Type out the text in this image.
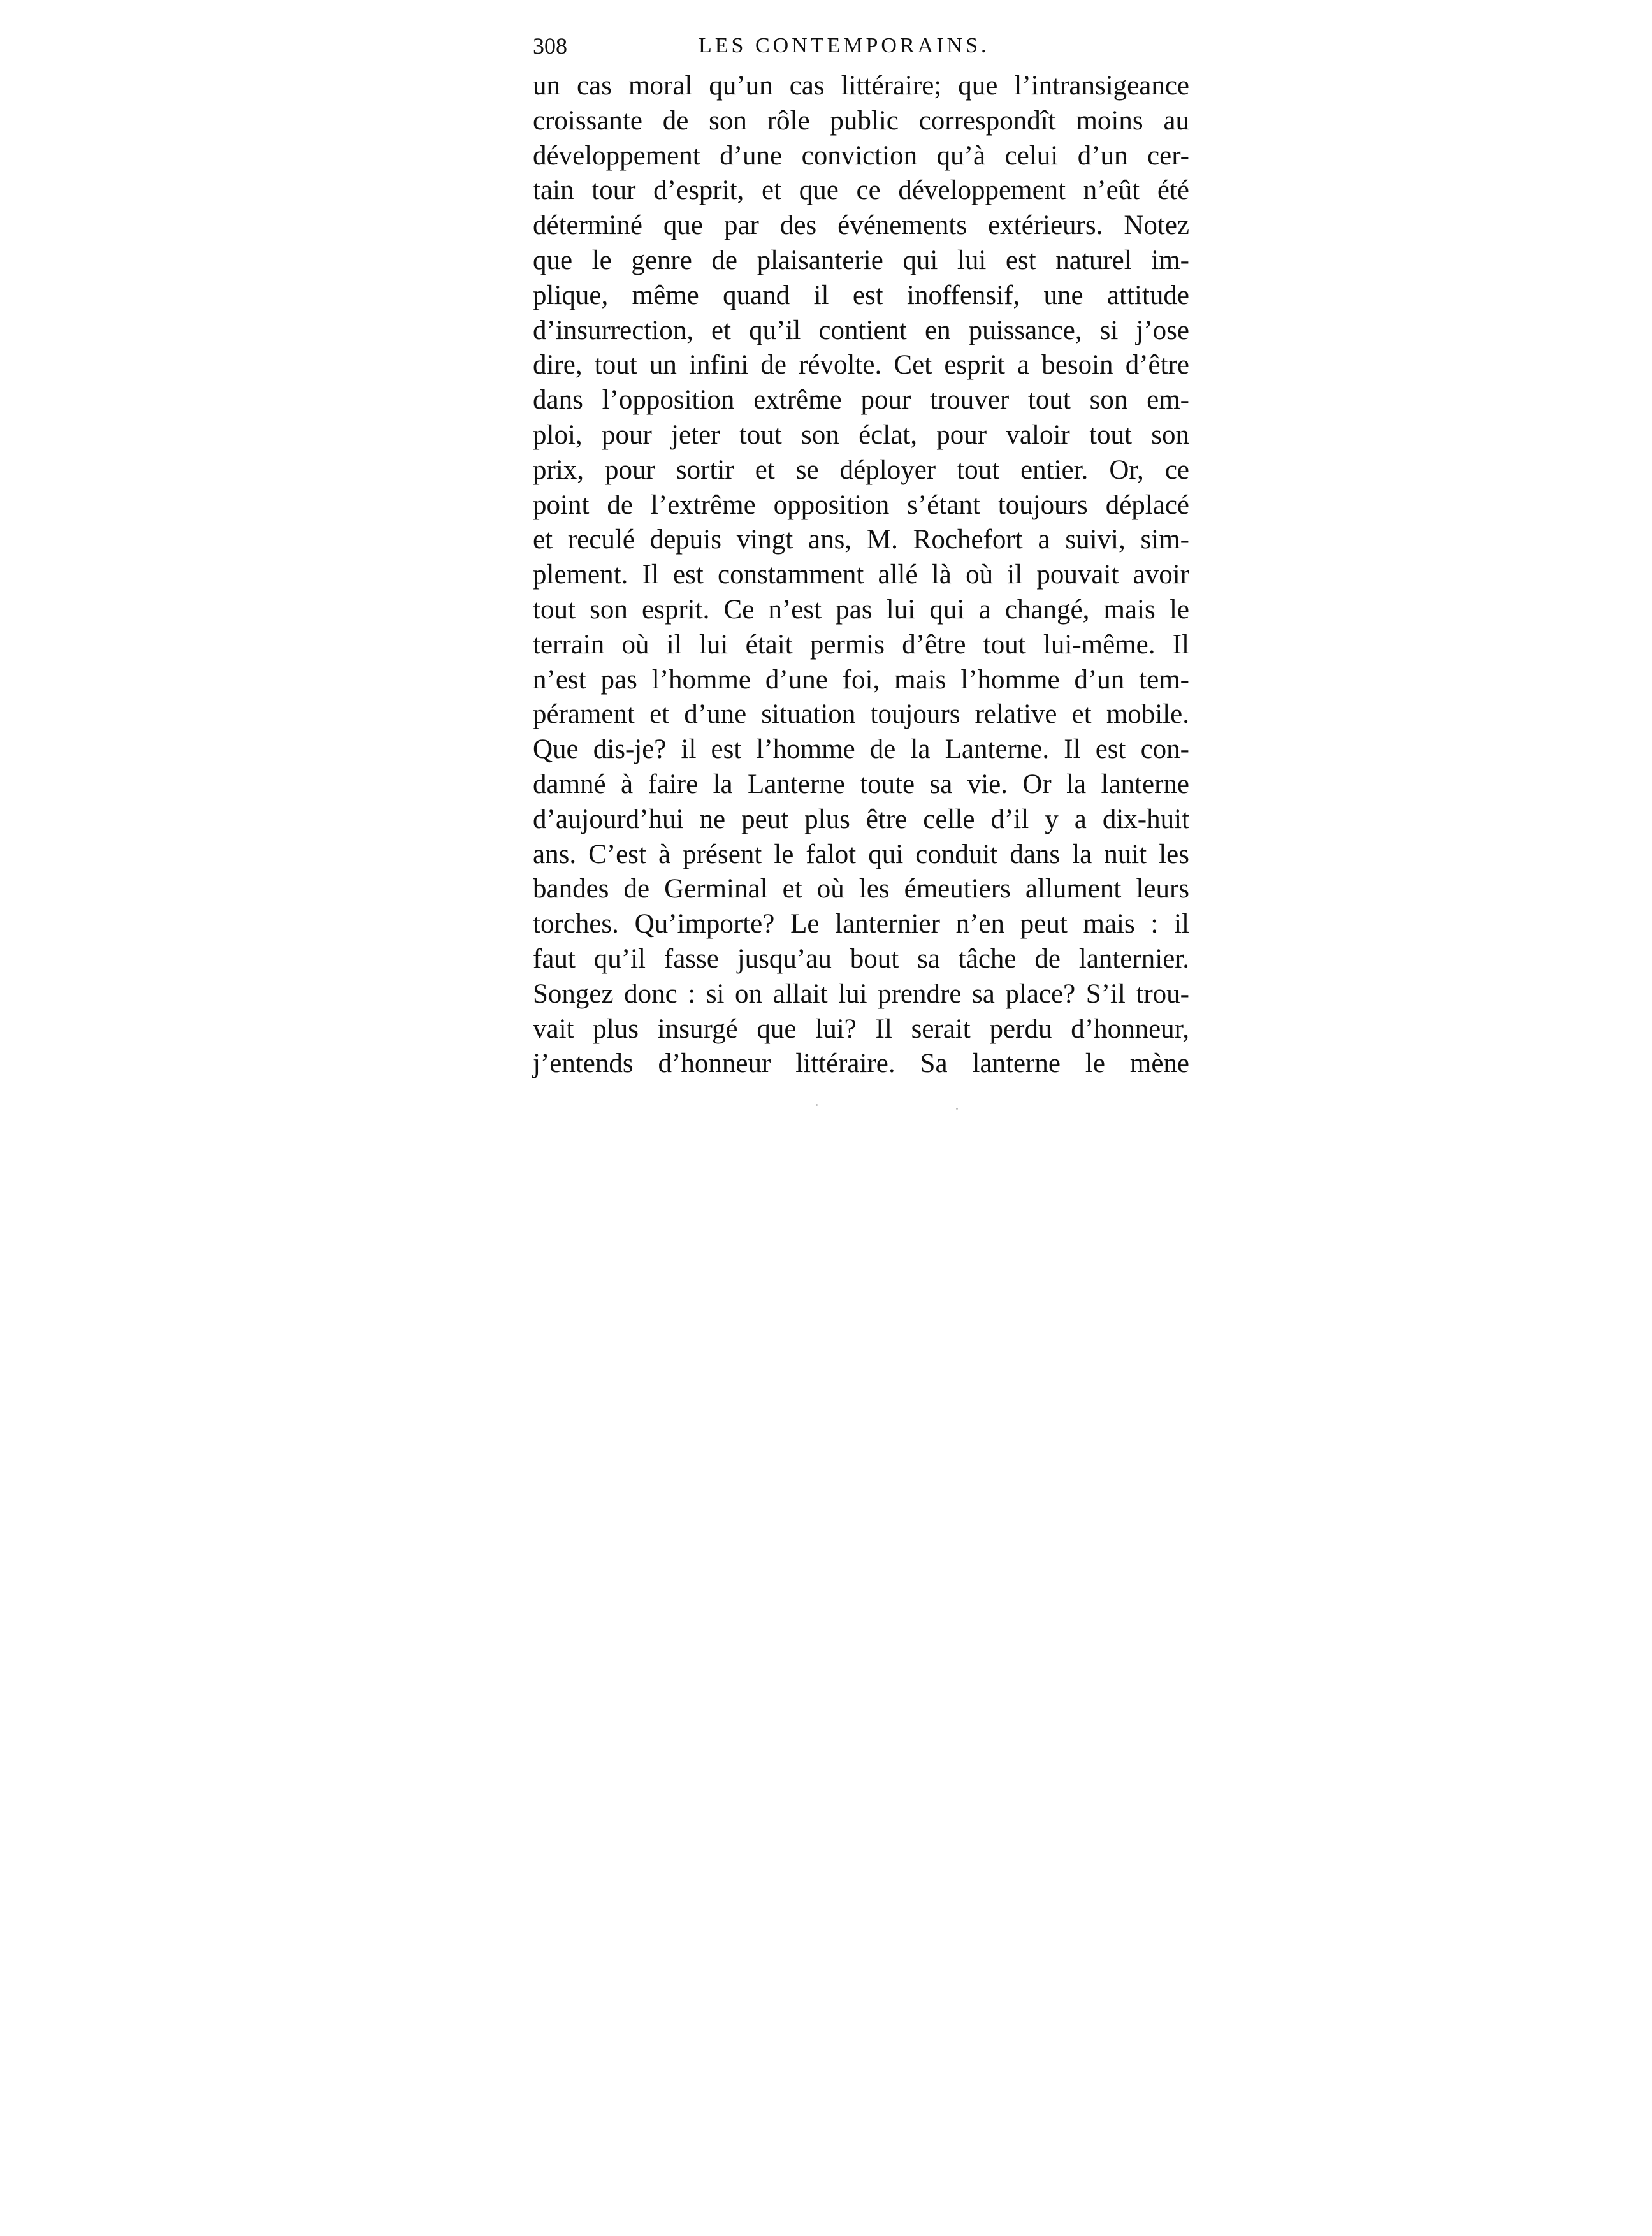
308	LES CONTEMPORAINS.
un cas moral qu’un cas littéraire; que l’intransigeance
croissante de son rôle public correspondît moins au
développement d’une conviction qu’à celui d’un cer-
tain tour d’esprit, et que ce développement n’eût été
déterminé que par des événements extérieurs. Notez
que le genre de plaisanterie qui lui est naturel im-
plique, même quand il est inoffensif, une attitude
d’insurrection, et qu’il contient en puissance, si j’ose
dire, tout un infini de révolte. Cet esprit a besoin d’être
dans l’opposition extrême pour trouver tout son em-
ploi, pour jeter tout son éclat, pour valoir tout son
prix, pour sortir et se déployer tout entier. Or, ce
point de l’extrême opposition s’étant toujours déplacé
et reculé depuis vingt ans, M. Rochefort a suivi, sim-
plement. Il est constamment allé là où il pouvait avoir
tout son esprit. Ce n’est pas lui qui a changé, mais le
terrain où il lui était permis d’être tout lui-même. Il
n’est pas l’homme d’une foi, mais l’homme d’un tem-
pérament et d’une situation toujours relative et mobile.
Que dis-je? il est l’homme de la Lanterne. Il est con-
damné à faire la Lanterne toute sa vie. Or la lanterne
d’aujourd’hui ne peut plus être celle d’il y a dix-huit
ans. C’est à présent le falot qui conduit dans la nuit les
bandes de Germinal et où les émeutiers allument leurs
torches. Qu’importe? Le lanternier n’en peut mais : il
faut qu’il fasse jusqu’au bout sa tâche de lanternier.
Songez donc : si on allait lui prendre sa place? S’il trou-
vait plus insurgé que lui? Il serait perdu d’honneur,
j’entends d’honneur littéraire. Sa lanterne le mène
